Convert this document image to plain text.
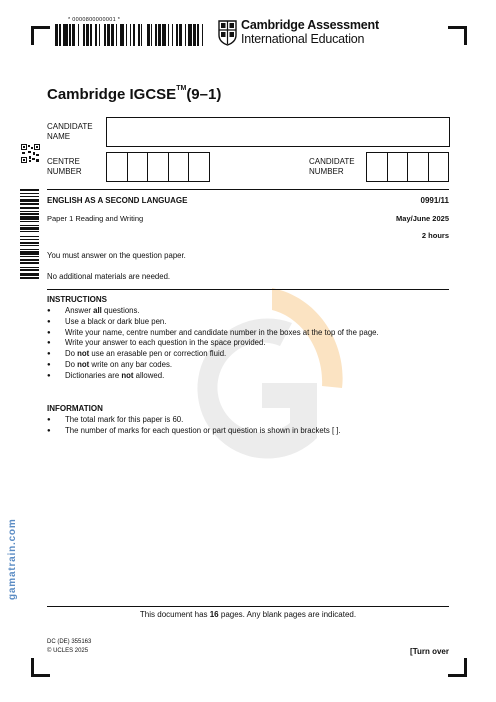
* 0000800000001 *	Cambridge Assessment
International Education
Cambridge IGCSE™(9–1)
CANDIDATE
NAME
CENTRE
NUMBER
CANDIDATE
NUMBER
gamatrain.com
ENGLISH AS A SECOND LANGUAGE	0991/11
Paper 1 Reading and Writing	May/June 2025
2 hours
You must answer on the question paper.
No additional materials are needed.
INSTRUCTIONS
● Answer all questions.
● Use a black or dark blue pen.
● Write your name, centre number and candidate number in the boxes at the top of the page.
● Write your answer to each question in the space provided.
● Do not use an erasable pen or correction fluid.
● Do not write on any bar codes.
● Dictionaries are not allowed.
INFORMATION
● The total mark for this paper is 60.
● The number of marks for each question or part question is shown in brackets [ ].
This document has 16 pages. Any blank pages are indicated.
DC (DE) 355163
© UCLES 2025	[Turn over
